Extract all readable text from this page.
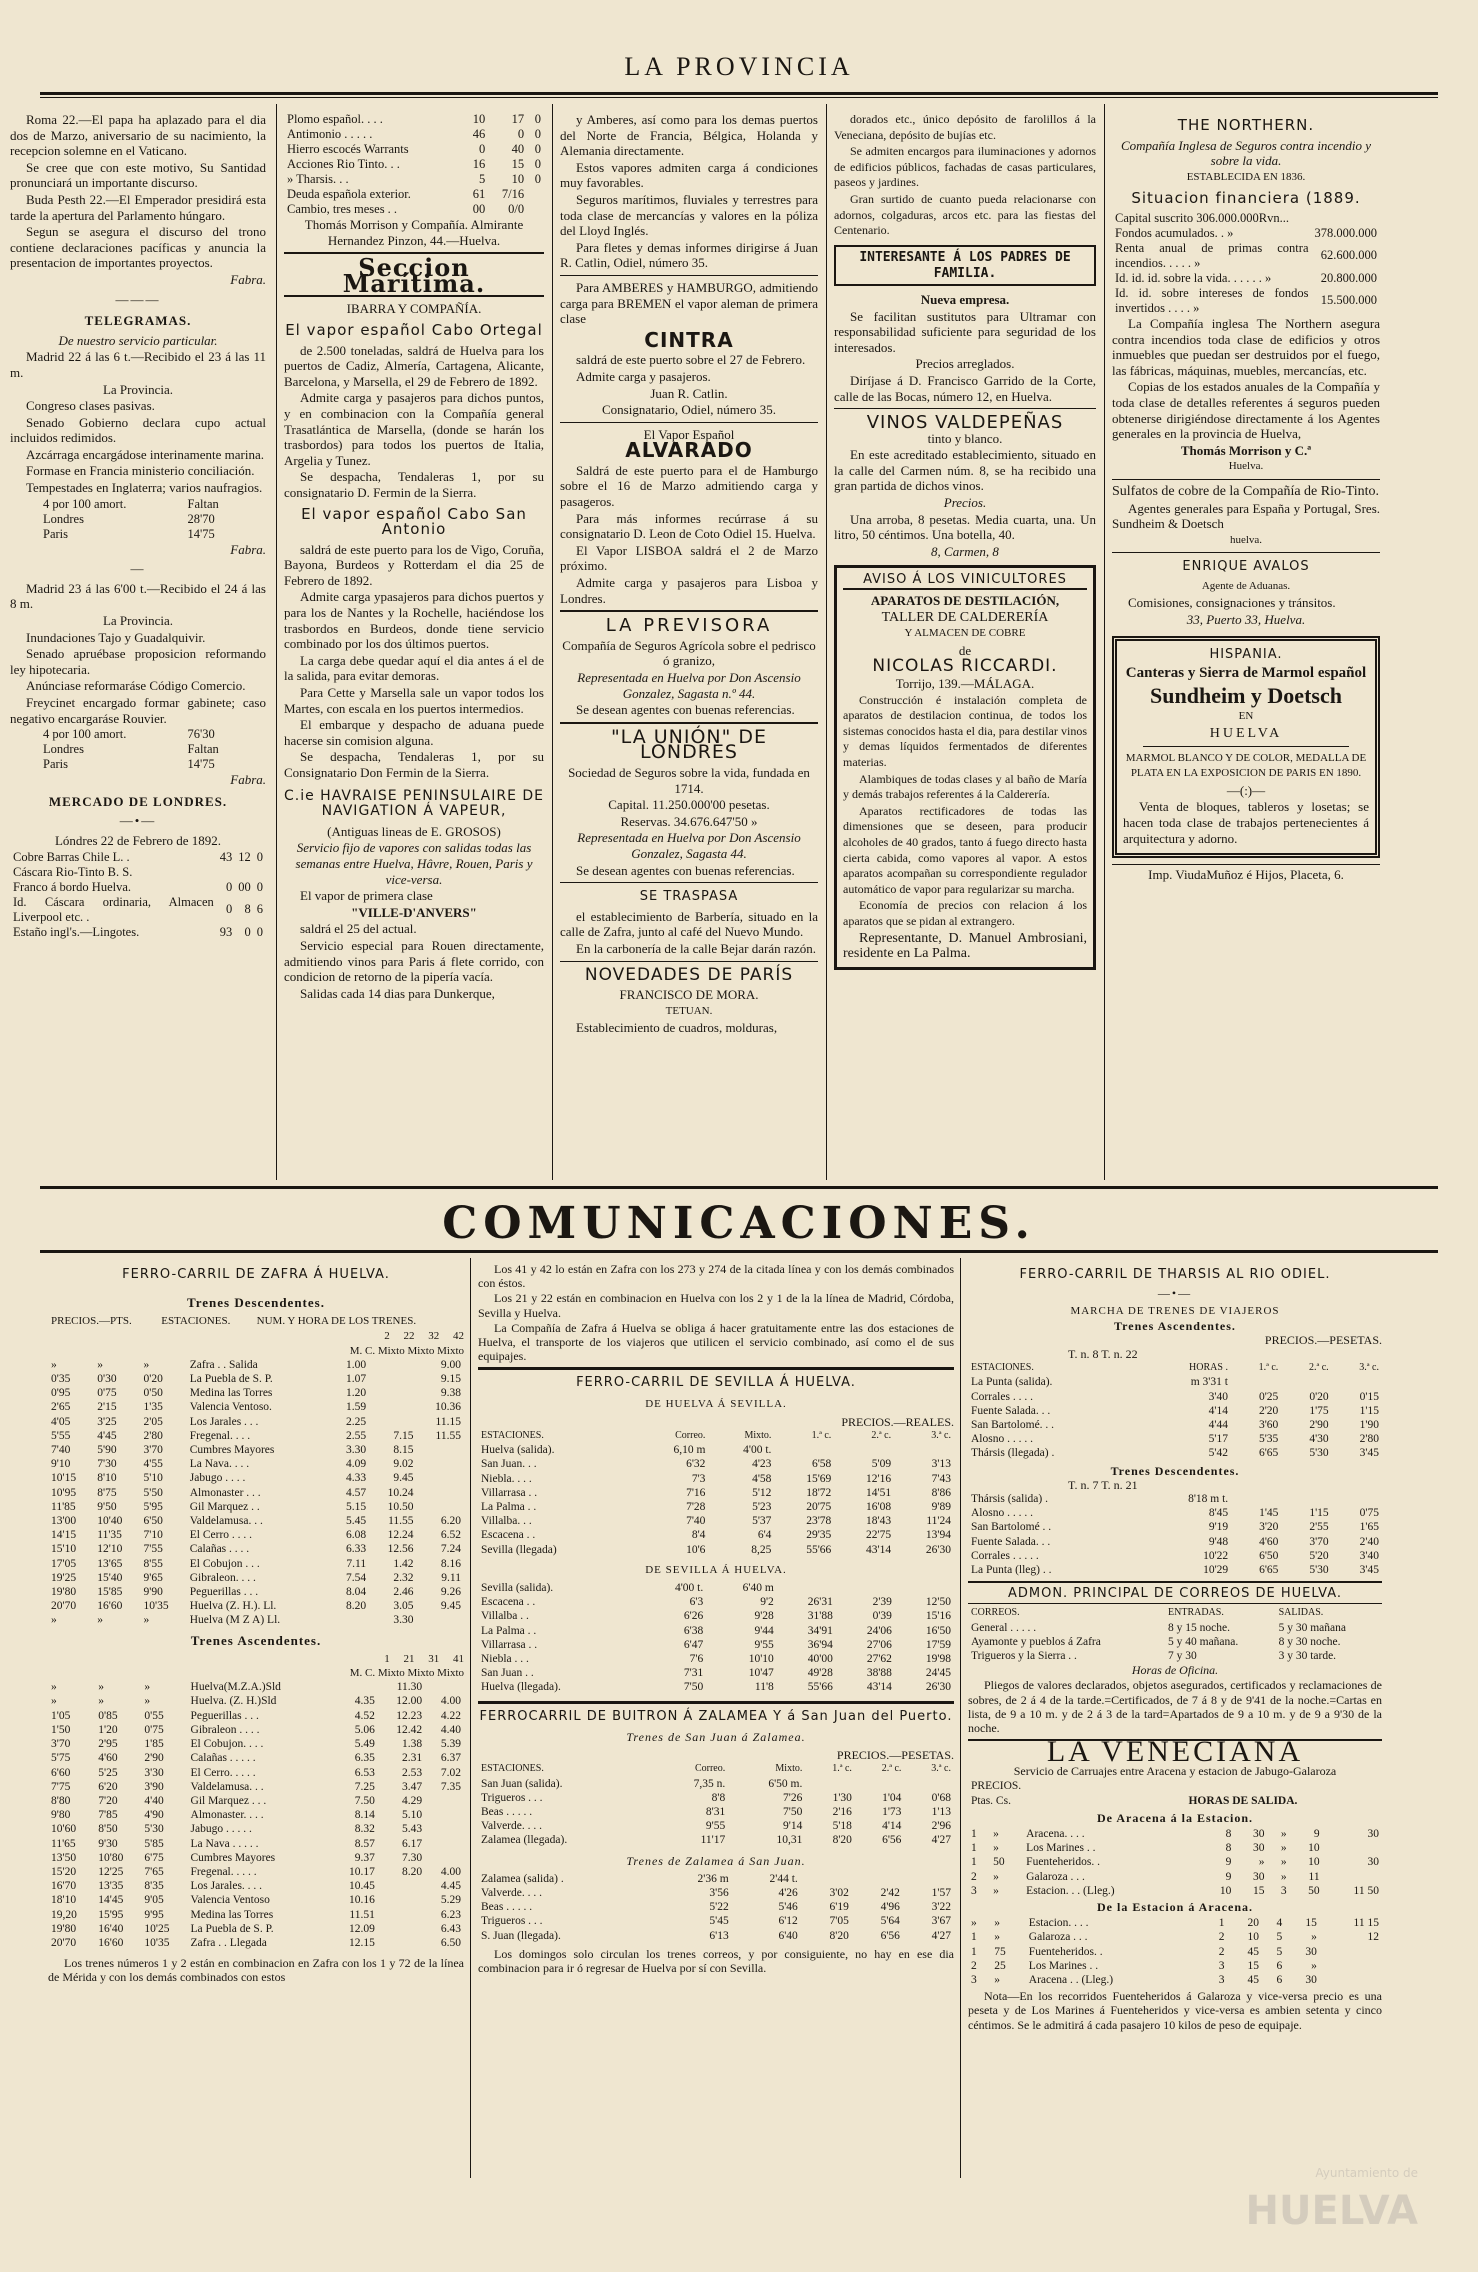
LA PROVINCIA

Roma 22.—El papa ha aplazado para el dia dos de Marzo, aniversario de su nacimiento, la recepcion solemne en el Vaticano.

Se cree que con este motivo, Su Santidad pronunciará un importante discurso.

Buda Pesth 22.—El Emperador presidirá esta tarde la apertura del Parlamento húngaro.

Segun se asegura el discurso del trono contiene declaraciones pacíficas y anuncia la presentacion de importantes proyectos.

Fabra.

———
TELEGRAMAS.

De nuestro servicio particular.

Madrid 22 á las 6 t.—Recibido el 23 á las 11 m.

La Provincia.

Congreso clases pasivas.

Senado Gobierno declara cupo actual incluidos redimidos.

Azcárraga encargádose interinamente marina.

Formase en Francia ministerio conciliación.

Tempestades en Inglaterra; varios naufragios.

4 por 100 amort.	Faltan
Londres	28'70
Paris	14'75

Fabra.

—

Madrid 23 á las 6'00 t.—Recibido el 24 á las 8 m.

La Provincia.

Inundaciones Tajo y Guadalquivir.

Senado apruébase proposicion reformando ley hipotecaria.

Anúnciase reformaráse Código Comercio.

Freycinet encargado formar gabinete; caso negativo encargaráse Rouvier.

4 por 100 amort.	76'30
Londres	Faltan
Paris	14'75

Fabra.

MERCADO DE LONDRES.
—•—

Lóndres 22 de Febrero de 1892.

Cobre Barras Chile L. .	43	12	0
Cáscara Rio-Tinto B. S.			
Franco á bordo Huelva.	0	00	0
Id. Cáscara ordinaria, Almacen Liverpool etc. .	0	8	6
Estaño ingl's.—Lingotes.	93	0	0
Plomo español. . . .	10	17	0
Antimonio . . . . .	46	0	0
Hierro escocés Warrants	0	40	0
Acciones Rio Tinto. . .	16	15	0
» Tharsis. . .	5	10	0
Deuda española exterior.	61	7/16	
Cambio, tres meses . .	00	0/0	

Thomás Morrison y Compañía. Almirante Hernandez Pinzon, 44.—Huelva.

Seccion Marítima.

IBARRA Y COMPAÑÍA.

El vapor español Cabo Ortegal

de 2.500 toneladas, saldrá de Huelva para los puertos de Cadiz, Almería, Cartagena, Alicante, Barcelona, y Marsella, el 29 de Febrero de 1892.

Admite carga y pasajeros para dichos puntos, y en combinacion con la Compañía general Trasatlántica de Marsella, (donde se harán los trasbordos) para todos los puertos de Italia, Argelia y Tunez.

Se despacha, Tendaleras 1, por su consignatario D. Fermin de la Sierra.

El vapor español Cabo San Antonio

saldrá de este puerto para los de Vigo, Coruña, Bayona, Burdeos y Rotterdam el dia 25 de Febrero de 1892.

Admite carga ypasajeros para dichos puertos y para los de Nantes y la Rochelle, haciéndose los trasbordos en Burdeos, donde tiene servicio combinado por los dos últimos puertos.

La carga debe quedar aquí el dia antes á el de la salida, para evitar demoras.

Para Cette y Marsella sale un vapor todos los Martes, con escala en los puertos intermedios.

El embarque y despacho de aduana puede hacerse sin comision alguna.

Se despacha, Tendaleras 1, por su Consignatario Don Fermin de la Sierra.

C.ie HAVRAISE PENINSULAIRE DE NAVIGATION Á VAPEUR,

(Antiguas lineas de E. GROSOS)

Servicio fijo de vapores con salidas todas las semanas entre Huelva, Hâvre, Rouen, Paris y vice-versa.

El vapor de primera clase

"VILLE-D'ANVERS"

saldrá el 25 del actual.

Servicio especial para Rouen directamente, admitiendo vinos para Paris á flete corrido, con condicion de retorno de la pipería vacía.

Salidas cada 14 dias para Dunkerque,

y Amberes, así como para los demas puertos del Norte de Francia, Bélgica, Holanda y Alemania directamente.

Estos vapores admiten carga á condiciones muy favorables.

Seguros marítimos, fluviales y terrestres para toda clase de mercancías y valores en la póliza del Lloyd Inglés.

Para fletes y demas informes dirigirse á Juan R. Catlin, Odiel, número 35.

Para AMBERES y HAMBURGO, admitiendo carga para BREMEN el vapor aleman de primera clase

CINTRA

saldrá de este puerto sobre el 27 de Febrero.

Admite carga y pasajeros.

Juan R. Catlin.

Consignatario, Odiel, número 35.

El Vapor Español

ALVARADO

Saldrá de este puerto para el de Hamburgo sobre el 16 de Marzo admitiendo carga y pasageros.

Para más informes recúrrase á su consignatario D. Leon de Coto Odiel 15. Huelva.

El Vapor LISBOA saldrá el 2 de Marzo próximo.

Admite carga y pasajeros para Lisboa y Londres.

LA PREVISORA

Compañía de Seguros Agrícola sobre el pedrisco ó granizo,

Representada en Huelva por Don Ascensio Gonzalez, Sagasta n.º 44.

Se desean agentes con buenas referencias.

"LA UNIÓN" DE LONDRES

Sociedad de Seguros sobre la vida, fundada en 1714.

Capital. 11.250.000'00 pesetas.

Reservas. 34.676.647'50 »

Representada en Huelva por Don Ascensio Gonzalez, Sagasta 44.

Se desean agentes con buenas referencias.

SE TRASPASA

el establecimiento de Barbería, situado en la calle de Zafra, junto al café del Nuevo Mundo.

En la carbonería de la calle Bejar darán razón.

NOVEDADES DE PARÍS

FRANCISCO DE MORA.

TETUAN.

Establecimiento de cuadros, molduras,

dorados etc., único depósito de farolillos á la Veneciana, depósito de bujías etc.

Se admiten encargos para iluminaciones y adornos de edificios públicos, fachadas de casas particulares, paseos y jardines.

Gran surtido de cuanto pueda relacionarse con adornos, colgaduras, arcos etc. para las fiestas del Centenario.

INTERESANTE Á LOS PADRES DE FAMILIA.

Nueva empresa.

Se facilitan sustitutos para Ultramar con responsabilidad suficiente para seguridad de los interesados.

Precios arreglados.

Diríjase á D. Francisco Garrido de la Corte, calle de las Bocas, número 12, en Huelva.

VINOS VALDEPEÑAS

tinto y blanco.

En este acreditado establecimiento, situado en la calle del Carmen núm. 8, se ha recibido una gran partida de dichos vinos.

Precios.

Una arroba, 8 pesetas. Media cuarta, una. Un litro, 50 céntimos. Una botella, 40.

8, Carmen, 8

AVISO Á LOS VINICULTORES

APARATOS DE DESTILACIÓN,

TALLER DE CALDERERÍA

Y ALMACEN DE COBRE

de

NICOLAS RICCARDI.

Torrijo, 139.—MÁLAGA.

Construcción é instalación completa de aparatos de destilacion continua, de todos los sistemas conocidos hasta el dia, para destilar vinos y demas líquidos fermentados de diferentes materias.

Alambiques de todas clases y al baño de María y demás trabajos referentes á la Calderería.

Aparatos rectificadores de todas las dimensiones que se deseen, para producir alcoholes de 40 grados, tanto á fuego directo hasta cierta cabida, como vapores al vapor. A estos aparatos acompañan su correspondiente regulador automático de vapor para regularizar su marcha.

Economía de precios con relacion á los aparatos que se pidan al extrangero.

Representante, D. Manuel Ambrosiani, residente en La Palma.

THE NORTHERN.

Compañía Inglesa de Seguros contra incendio y sobre la vida.

ESTABLECIDA EN 1836.

Situacion financiera (1889.
Capital suscrito 306.000.000Rvn...	
Fondos acumulados. . »	378.000.000
Renta anual de primas contra incendios. . . . . »	62.600.000
Id. id. id. sobre la vida. . . . . . »	20.800.000
Id. id. sobre intereses de fondos invertidos . . . . »	15.500.000

La Compañía inglesa The Northern asegura contra incendios toda clase de edificios y otros inmuebles que puedan ser destruidos por el fuego, las fábricas, máquinas, muebles, mercancías, etc.

Copias de los estados anuales de la Compañía y toda clase de detalles referentes á seguros pueden obtenerse dirigiéndose directamente á los Agentes generales en la provincia de Huelva,

Thomás Morrison y C.ª

Huelva.

Sulfatos de cobre de la Compañía de Rio-Tinto.

Agentes generales para España y Portugal, Sres. Sundheim & Doetsch

huelva.

ENRIQUE AVALOS

Agente de Aduanas.

Comisiones, consignaciones y tránsitos.

33, Puerto 33, Huelva.

HISPANIA.

Canteras y Sierra de Marmol español

Sundheim y Doetsch

EN

HUELVA

MARMOL BLANCO Y DE COLOR, MEDALLA DE PLATA EN LA EXPOSICION DE PARIS EN 1890.

—(:)—

Venta de bloques, tableros y losetas; se hacen toda clase de trabajos pertenecientes á arquitectura y adorno.

Imp. ViudaMuñoz é Hijos, Placeta, 6.

COMUNICACIONES.
FERRO-CARRIL DE ZAFRA Á HUELVA.
Trenes Descendentes.
PRECIOS.—PTS.	ESTACIONES.	NUM. Y HORA DE LOS TRENES.
2 22 32 42
M. C. Mixto Mixto Mixto
»	»	»	Zafra . . Salida	1.00		9.00
0'35	0'30	0'20	La Puebla de S. P.	1.07		9.15
0'95	0'75	0'50	Medina las Torres	1.20		9.38
2'65	2'15	1'35	Valencia Ventoso.	1.59		10.36
4'05	3'25	2'05	Los Jarales . . .	2.25		11.15
5'55	4'45	2'80	Fregenal. . . .	2.55	7.15	11.55
7'40	5'90	3'70	Cumbres Mayores	3.30	8.15	
9'10	7'30	4'55	La Nava. . . .	4.09	9.02	
10'15	8'10	5'10	Jabugo . . . .	4.33	9.45	
10'95	8'75	5'50	Almonaster . . .	4.57	10.24	
11'85	9'50	5'95	Gil Marquez . .	5.15	10.50	
13'00	10'40	6'50	Valdelamusa. . .	5.45	11.55	6.20
14'15	11'35	7'10	El Cerro . . . .	6.08	12.24	6.52
15'10	12'10	7'55	Calañas . . . .	6.33	12.56	7.24
17'05	13'65	8'55	El Cobujon . . .	7.11	1.42	8.16
19'25	15'40	9'65	Gibraleon. . . .	7.54	2.32	9.11
19'80	15'85	9'90	Peguerillas . . .	8.04	2.46	9.26
20'70	16'60	10'35	Huelva (Z. H.). Ll.	8.20	3.05	9.45
»	»	»	Huelva (M Z A) Ll.		3.30	
Trenes Ascendentes.
1 21 31 41
M. C. Mixto Mixto Mixto
»	»	»	Huelva(M.Z.A.)Sld		11.30	
»	»	»	Huelva. (Z. H.)Sld	4.35	12.00	4.00
1'05	0'85	0'55	Peguerillas . . .	4.52	12.23	4.22
1'50	1'20	0'75	Gibraleon . . . .	5.06	12.42	4.40
3'70	2'95	1'85	El Cobujon. . . .	5.49	1.38	5.39
5'75	4'60	2'90	Calañas . . . . .	6.35	2.31	6.37
6'60	5'25	3'30	El Cerro. . . . .	6.53	2.53	7.02
7'75	6'20	3'90	Valdelamusa. . .	7.25	3.47	7.35
8'80	7'20	4'40	Gil Marquez . . .	7.50	4.29	
9'80	7'85	4'90	Almonaster. . . .	8.14	5.10	
10'60	8'50	5'30	Jabugo . . . . .	8.32	5.43	
11'65	9'30	5'85	La Nava . . . . .	8.57	6.17	
13'50	10'80	6'75	Cumbres Mayores	9.37	7.30	
15'20	12'25	7'65	Fregenal. . . . .	10.17	8.20	4.00
16'70	13'35	8'35	Los Jarales. . . .	10.45		4.45
18'10	14'45	9'05	Valencia Ventoso	10.16		5.29
19,20	15'95	9'95	Medina las Torres	11.51		6.23
19'80	16'40	10'25	La Puebla de S. P.	12.09		6.43
20'70	16'60	10'35	Zafra . . Llegada	12.15		6.50

Los trenes números 1 y 2 están en combinacion en Zafra con los 1 y 72 de la línea de Mérida y con los demás combinados con estos

Los 41 y 42 lo están en Zafra con los 273 y 274 de la citada línea y con los demás combinados con éstos.

Los 21 y 22 están en combinacion en Huelva con los 2 y 1 de la la línea de Madrid, Córdoba, Sevilla y Huelva.

La Compañía de Zafra á Huelva se obliga á hacer gratuitamente entre las dos estaciones de Huelva, el transporte de los viajeros que utilicen el servicio combinado, así como el de sus equipajes.

FERRO-CARRIL DE SEVILLA Á HUELVA.
DE HUELVA Á SEVILLA.
PRECIOS.—REALES.
ESTACIONES.	Correo.	Mixto.	1.ª c.	2.ª c.	3.ª c.
Huelva (salida).	6,10 m	4'00 t.			
San Juan. . .	6'32	4'23	6'58	5'09	3'13
Niebla. . . .	7'3	4'58	15'69	12'16	7'43
Villarrasa . .	7'16	5'12	18'72	14'51	8'86
La Palma . .	7'28	5'23	20'75	16'08	9'89
Villalba. . .	7'40	5'37	23'78	18'43	11'24
Escacena . .	8'4	6'4	29'35	22'75	13'94
Sevilla (llegada)	10'6	8,25	55'66	43'14	26'30
DE SEVILLA Á HUELVA.
Sevilla (salida).	4'00 t.	6'40 m			
Escacena . .	6'3	9'2	26'31	2'39	12'50
Villalba . .	6'26	9'28	31'88	0'39	15'16
La Palma . .	6'38	9'44	34'91	24'06	16'50
Villarrasa . .	6'47	9'55	36'94	27'06	17'59
Niebla . . .	7'6	10'10	40'00	27'62	19'98
San Juan . .	7'31	10'47	49'28	38'88	24'45
Huelva (llegada).	7'50	11'8	55'66	43'14	26'30
FERROCARRIL DE BUITRON Á ZALAMEA Y á San Juan del Puerto.
Trenes de San Juan á Zalamea.
PRECIOS.—PESETAS.
ESTACIONES.	Correo.	Mixto.	1.ª c.	2.ª c.	3.ª c.
San Juan (salida).	7,35 n.	6'50 m.			
Trigueros . . .	8'8	7'26	1'30	1'04	0'68
Beas . . . . .	8'31	7'50	2'16	1'73	1'13
Valverde. . . .	9'55	9'14	5'18	4'14	2'96
Zalamea (llegada).	11'17	10,31	8'20	6'56	4'27
Trenes de Zalamea á San Juan.
Zalamea (salida) .	2'36 m	2'44 t.			
Valverde. . . .	3'56	4'26	3'02	2'42	1'57
Beas . . . . .	5'22	5'46	6'19	4'96	3'22
Trigueros . . .	5'45	6'12	7'05	5'64	3'67
S. Juan (llegada).	6'13	6'40	8'20	6'56	4'27

Los domingos solo circulan los trenes correos, y por consiguiente, no hay en ese dia combinacion para ir ó regresar de Huelva por sí con Sevilla.

FERRO-CARRIL DE THARSIS AL RIO ODIEL.
—•—
MARCHA DE TRENES DE VIAJEROS
Trenes Ascendentes.
PRECIOS.—PESETAS.
T. n. 8 T. n. 22
ESTACIONES.	HORAS .	1.ª c.	2.ª c.	3.ª c.
La Punta (salida).	m 3'31 t			
Corrales . . . .	3'40	0'25	0'20	0'15
Fuente Salada. . .	4'14	2'20	1'75	1'15
San Bartolomé. . .	4'44	3'60	2'90	1'90
Alosno . . . . .	5'17	5'35	4'30	2'80
Thársis (llegada) .	5'42	6'65	5'30	3'45
Trenes Descendentes.
T. n. 7 T. n. 21
Thársis (salida) .	8'18 m t.			
Alosno . . . . .	8'45	1'45	1'15	0'75
San Bartolomé . .	9'19	3'20	2'55	1'65
Fuente Salada. . .	9'48	4'60	3'70	2'40
Corrales . . . . .	10'22	6'50	5'20	3'40
La Punta (lleg) . .	10'29	6'65	5'30	3'45
ADMON. PRINCIPAL DE CORREOS DE HUELVA.
CORREOS.	ENTRADAS.	SALIDAS.
General . . . . .	8 y 15 noche.	5 y 30 mañana
Ayamonte y pueblos á Zafra	5 y 40 mañana.	8 y 30 noche.
Trigueros y la Sierra . .	7 y 30	3 y 30 tarde.

Horas de Oficina.

Pliegos de valores declarados, objetos asegurados, certificados y reclamaciones de sobres, de 2 á 4 de la tarde.=Certificados, de 7 á 8 y de 9'41 de la noche.=Cartas en lista, de 9 a 10 m. y de 2 á 3 de la tard=Apartados de 9 a 10 m. y de 9 a 9'30 de la noche.

LA VENECIANA

Servicio de Carruajes entre Aracena y estacion de Jabugo-Galaroza

PRECIOS.	
Ptas. Cs.	HORAS DE SALIDA.
De Aracena á la Estacion.
1	»	Aracena. . . .	8	30	»	9	30
1	»	Los Marines . .	8	30	»	10	
1	50	Fuenteheridos. .	9	»	»	10	30
2	»	Galaroza . . .	9	30	»	11	
3	»	Estacion. . . (Lleg.)	10	15	3	50	11 50
De la Estacion á Aracena.
»	»	Estacion. . . .	1	20	4	15	11 15
1	»	Galaroza . . .	2	10	5	»	12
1	75	Fuenteheridos. .	2	45	5	30	
2	25	Los Marines . .	3	15	6	»	
3	»	Aracena . . (Lleg.)	3	45	6	30	

Nota—En los recorridos Fuenteheridos á Galaroza y vice-versa precio es una peseta y de Los Marines á Fuenteheridos y vice-versa es ambien setenta y cinco céntimos. Se le admitirá á cada pasajero 10 kilos de peso de equipaje.

Ayuntamiento de
HUELVA
